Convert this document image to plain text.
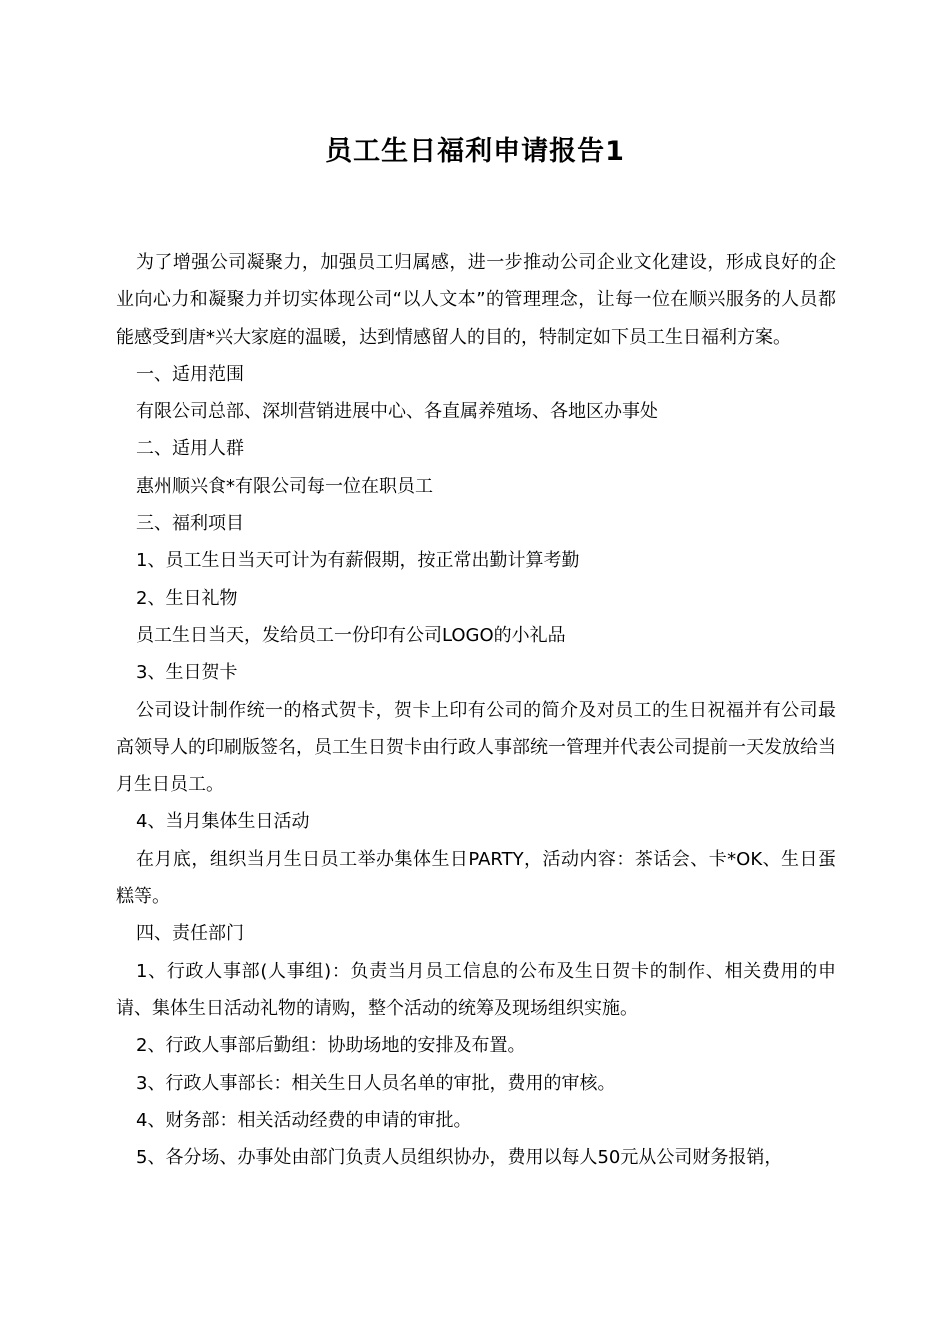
员工生日福利申请报告1

为了增强公司凝聚力，加强员工归属感，进一步推动公司企业文化建设，形成良好的企业向心力和凝聚力并切实体现公司“以人文本”的管理理念，让每一位在顺兴服务的人员都能感受到唐*兴大家庭的温暖，达到情感留人的目的，特制定如下员工生日福利方案。

一、适用范围

有限公司总部、深圳营销进展中心、各直属养殖场、各地区办事处

二、适用人群

惠州顺兴食*有限公司每一位在职员工

三、福利项目

1、员工生日当天可计为有薪假期，按正常出勤计算考勤

2、生日礼物

员工生日当天，发给员工一份印有公司LOGO的小礼品

3、生日贺卡

公司设计制作统一的格式贺卡，贺卡上印有公司的简介及对员工的生日祝福并有公司最高领导人的印刷版签名，员工生日贺卡由行政人事部统一管理并代表公司提前一天发放给当月生日员工。

4、当月集体生日活动

在月底，组织当月生日员工举办集体生日PARTY，活动内容：茶话会、卡*OK、生日蛋糕等。

四、责任部门

1、行政人事部(人事组)：负责当月员工信息的公布及生日贺卡的制作、相关费用的申请、集体生日活动礼物的请购，整个活动的统筹及现场组织实施。

2、行政人事部后勤组：协助场地的安排及布置。

3、行政人事部长：相关生日人员名单的审批，费用的审核。

4、财务部：相关活动经费的申请的审批。

5、各分场、办事处由部门负责人员组织协办，费用以每人50元从公司财务报销，
